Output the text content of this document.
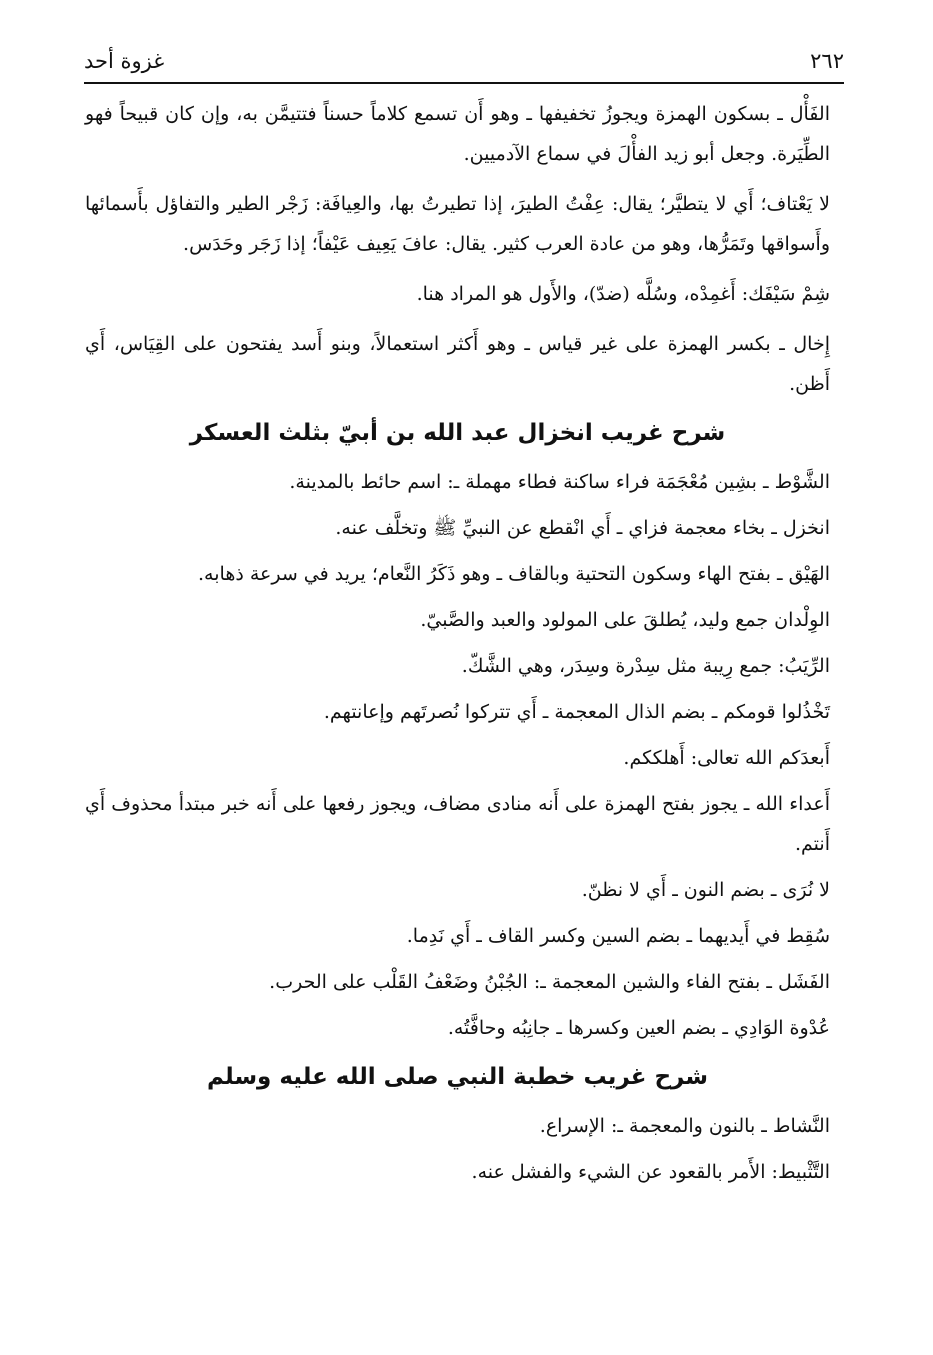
٢٦٢
غزوة أحد

الفَأْل ـ بسكون الهمزة ويجوزُ تخفيفها ـ وهو أَن تسمع كلاماً حسناً فتتيمَّن به، وإن كان قبيحاً فهو الطِّيَرة. وجعل أبو زيد الفأْلَ في سماع الآدميين.

لا يَعْتاف؛ أَي لا يتطيَّر؛ يقال: عِفْتُ الطيرَ، إذا تطيرتُ بها، والعِيافَة: زَجْر الطير والتفاؤل بأَسمائها وأَسواقها وتَمَرُّها، وهو من عادة العرب كثير. يقال: عافَ يَعِيف عَيْفاً؛ إذا زَجَر وحَدَس.

شِمْ سَيْفَك: أَغمِدْه، وسُلَّه (ضدّ)، والأَول هو المراد هنا.

إِخال ـ بكسر الهمزة على غير قياس ـ وهو أَكثر استعمالاً، وبنو أَسد يفتحون على القِيَاس، أَي أَظن.

شرح غريب انخزال عبد الله بن أبيّ بثلث العسكر

الشَّوْط ـ بشِين مُعْجَمَة فراء ساكنة فطاء مهملة ـ: اسم حائط بالمدينة.

انخزل ـ بخاء معجمة فزاي ـ أَي انْقطع عن النبيِّ ﷺ وتخلَّف عنه.

الهَيْق ـ بفتح الهاء وسكون التحتية وبالقاف ـ وهو ذَكَرُ النَّعام؛ يريد في سرعة ذهابه.

الوِلْدان جمع وليد، يُطلقَ على المولود والعبد والصَّبيّ.

الرِّيَبُ: جمع رِيبة مثل سِدْرة وسِدَر، وهي الشَّكّ.

تَخْذُلوا قومكم ـ بضم الذال المعجمة ـ أَي تتركوا نُصرتَهم وإعانتهم.

أَبعدَكم الله تعالى: أَهلككم.

أَعداء الله ـ يجوز بفتح الهمزة على أَنه منادى مضاف، ويجوز رفعها على أَنه خبر مبتدأ محذوف أَي أَنتم.

لا نُرَى ـ بضم النون ـ أَي لا نظنّ.

سُقِط في أَيديهما ـ بضم السين وكسر القاف ـ أَي نَدِما.

الفَشَل ـ بفتح الفاء والشين المعجمة ـ: الجُبْنُ وضَعْفُ القَلْب على الحرب.

عُدْوة الوَادِي ـ بضم العين وكسرها ـ جانِبُه وحافَّتُه.

شرح غريب خطبة النبي صلى الله عليه وسلم

النَّشاط ـ بالنون والمعجمة ـ: الإسراع.

التَّثْبيط: الأَمر بالقعود عن الشيء والفشل عنه.
